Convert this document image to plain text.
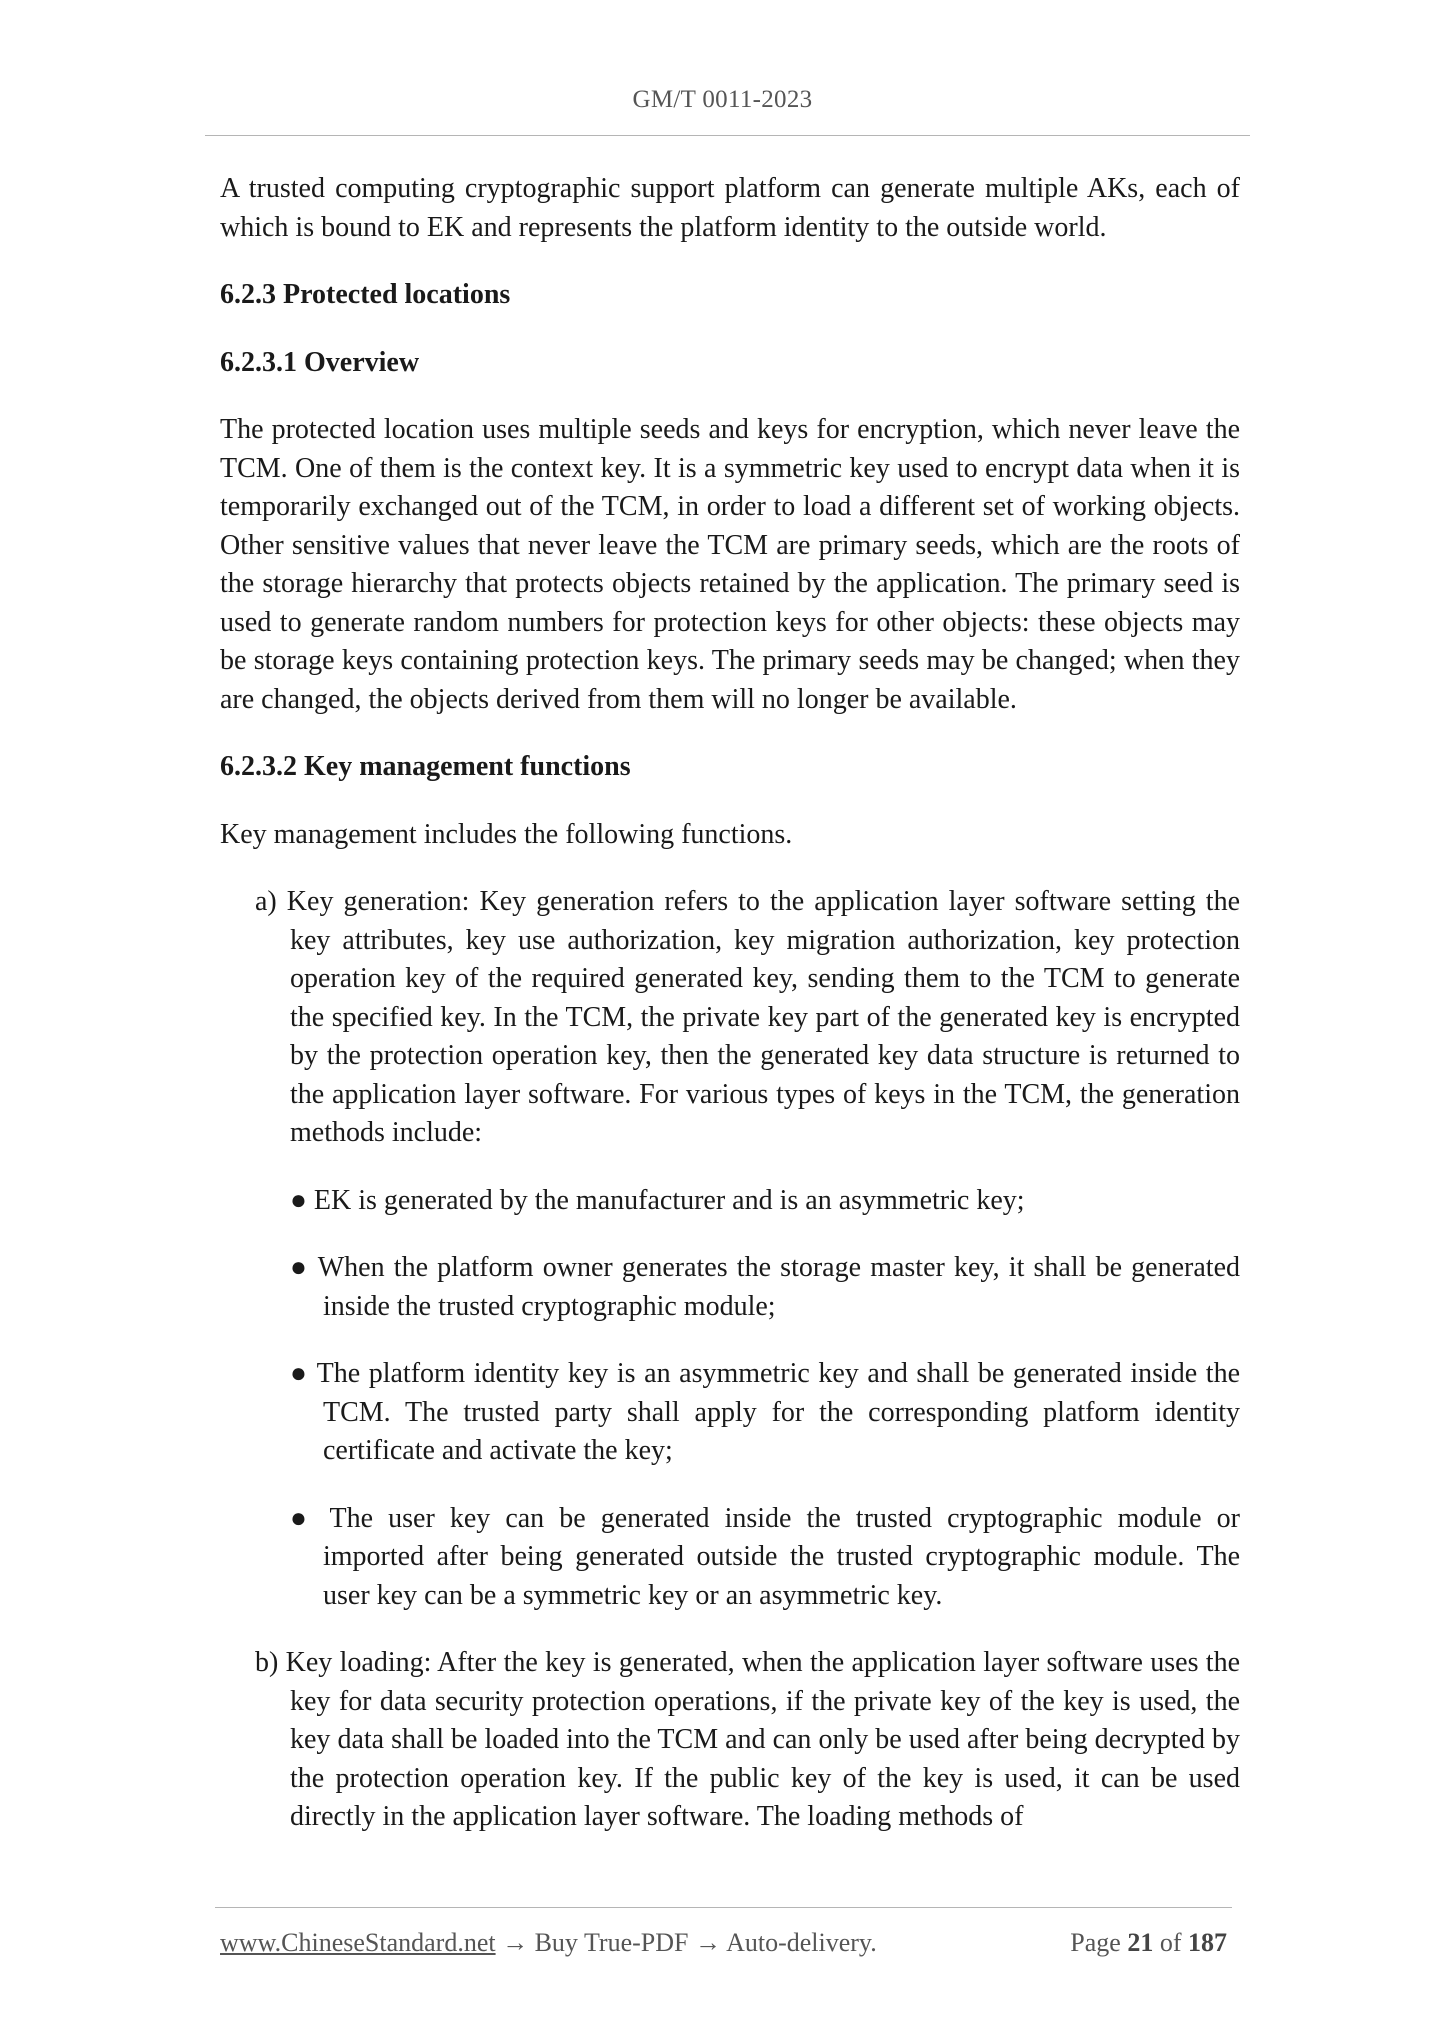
GM/T 0011-2023

A trusted computing cryptographic support platform can generate multiple AKs, each of which is bound to EK and represents the platform identity to the outside world.

6.2.3 Protected locations

6.2.3.1 Overview

The protected location uses multiple seeds and keys for encryption, which never leave the TCM. One of them is the context key. It is a symmetric key used to encrypt data when it is temporarily exchanged out of the TCM, in order to load a different set of working objects. Other sensitive values that never leave the TCM are primary seeds, which are the roots of the storage hierarchy that protects objects retained by the application. The primary seed is used to generate random numbers for protection keys for other objects: these objects may be storage keys containing protection keys. The primary seeds may be changed; when they are changed, the objects derived from them will no longer be available.

6.2.3.2 Key management functions

Key management includes the following functions.

a) Key generation: Key generation refers to the application layer software setting the key attributes, key use authorization, key migration authorization, key protection operation key of the required generated key, sending them to the TCM to generate the specified key. In the TCM, the private key part of the generated key is encrypted by the protection operation key, then the generated key data structure is returned to the application layer software. For various types of keys in the TCM, the generation methods include:

● EK is generated by the manufacturer and is an asymmetric key;

● When the platform owner generates the storage master key, it shall be generated inside the trusted cryptographic module;

● The platform identity key is an asymmetric key and shall be generated inside the TCM. The trusted party shall apply for the corresponding platform identity certificate and activate the key;

● The user key can be generated inside the trusted cryptographic module or imported after being generated outside the trusted cryptographic module. The user key can be a symmetric key or an asymmetric key.

b) Key loading: After the key is generated, when the application layer software uses the key for data security protection operations, if the private key of the key is used, the key data shall be loaded into the TCM and can only be used after being decrypted by the protection operation key. If the public key of the key is used, it can be used directly in the application layer software. The loading methods of

www.ChineseStandard.net → Buy True-PDF → Auto-delivery.	Page 21 of 187
